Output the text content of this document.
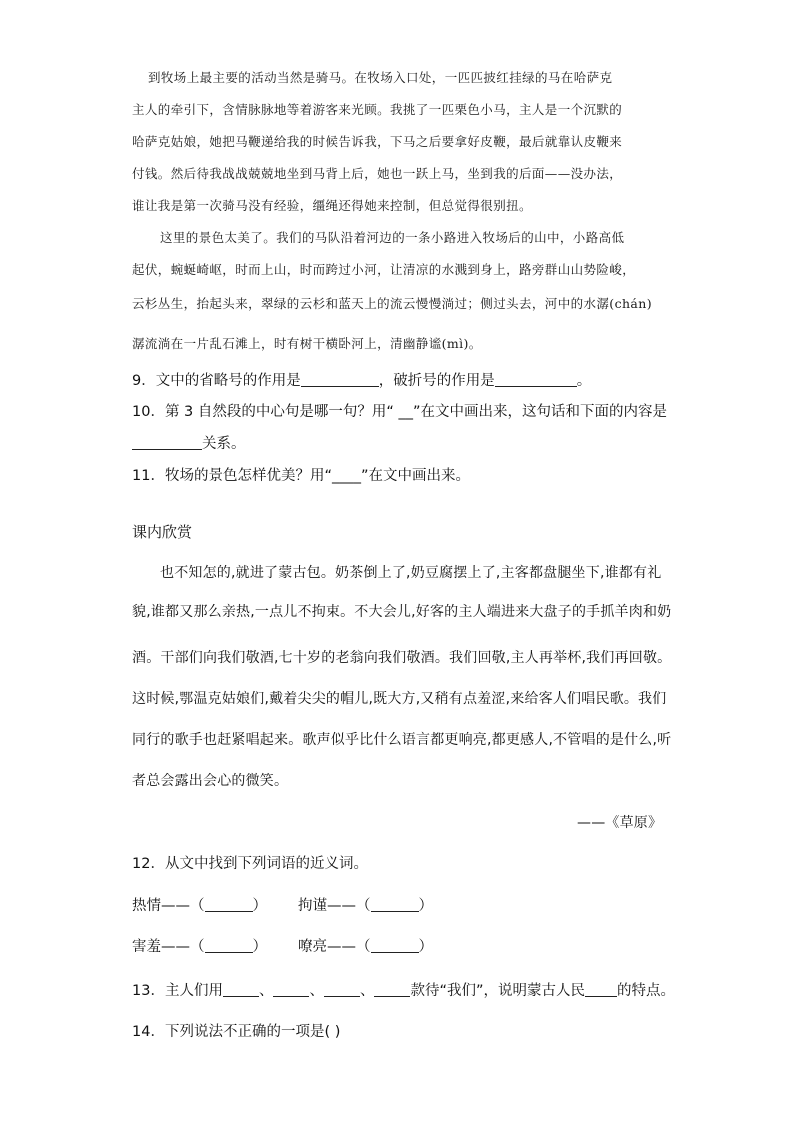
到牧场上最主要的活动当然是骑马。在牧场入口处，一匹匹披红挂绿的马在哈萨克
主人的牵引下，含情脉脉地等着游客来光顾。我挑了一匹栗色小马，主人是一个沉默的
哈萨克姑娘，她把马鞭递给我的时候告诉我，下马之后要拿好皮鞭，最后就靠认皮鞭来
付钱。然后待我战战兢兢地坐到马背上后，她也一跃上马，坐到我的后面——没办法，
谁让我是第一次骑马没有经验，缰绳还得她来控制，但总觉得很别扭。
这里的景色太美了。我们的马队沿着河边的一条小路进入牧场后的山中，小路高低
起伏，蜿蜒崎岖，时而上山，时而跨过小河，让清凉的水溅到身上，路旁群山山势险峻，
云杉丛生，抬起头来，翠绿的云杉和蓝天上的流云慢慢淌过；侧过头去，河中的水潺(chán)
潺流淌在一片乱石滩上，时有树干横卧河上，清幽静谧(mì)。
9．文中的省略号的作用是	，破折号的作用是	。
10．第 3 自然段的中心句是哪一句？用“ __”在文中画出来，这句话和下面的内容是
关系。
11．牧场的景色怎样优美？用“____”在文中画出来。
课内欣赏
也不知怎的,就进了蒙古包。奶茶倒上了,奶豆腐摆上了,主客都盘腿坐下,谁都有礼
貌,谁都又那么亲热,一点儿不拘束。不大会儿,好客的主人端进来大盘子的手抓羊肉和奶
酒。干部们向我们敬酒,七十岁的老翁向我们敬酒。我们回敬,主人再举杯,我们再回敬。
这时候,鄂温克姑娘们,戴着尖尖的帽儿,既大方,又稍有点羞涩,来给客人们唱民歌。我们
同行的歌手也赶紧唱起来。歌声似乎比什么语言都更响亮,都更感人,不管唱的是什么,听
者总会露出会心的微笑。
——《草原》
12．从文中找到下列词语的近义词。
热情——（	） 拘谨——（	）
害羞——（	） 嘹亮——（	）
13．主人们用 、 、 、 款待“我们”，说明蒙古人民 的特点。
14．下列说法不正确的一项是( )
